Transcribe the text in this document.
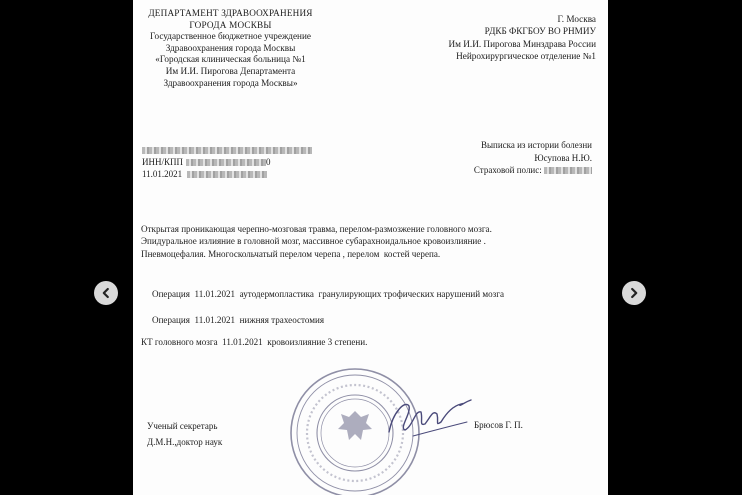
ДЕПАРТАМЕНТ ЗДРАВООХРАНЕНИЯ
ГОРОДА МОСКВЫ
Государственное бюджетное учреждение
Здравоохранения города Москвы
«Городская клиническая больница №1
Им И.И. Пирогова Департамента
Здравоохранения города Москвы»
Г. Москва
РДКБ ФКГБОУ ВО РНМИУ
Им И.И. Пирогова Минздрава России
Нейрохирургическое отделение №1
ИНН/КПП	0
11.01.2021
Выписка из истории болезни
Юсупова Н.Ю.
Страховой полис:
Открытая проникающая черепно-мозговая травма, перелом-размозжение головного мозга.
Эпидуральное излияние в головной мозг, массивное субарахноидальное кровоизлияние .
Пневмоцефалия. Многоскольчатый перелом черепа , перелом  костей черепа.
Операция  11.01.2021  аутодермопластика  гранулирующих трофических нарушений мозга
Операция  11.01.2021  нижняя трахеостомия
КТ головного мозга  11.01.2021  кровоизлияние 3 степени.
Ученый секретарь
Д.М.Н.,доктор наук
Брюсов Г. П.
